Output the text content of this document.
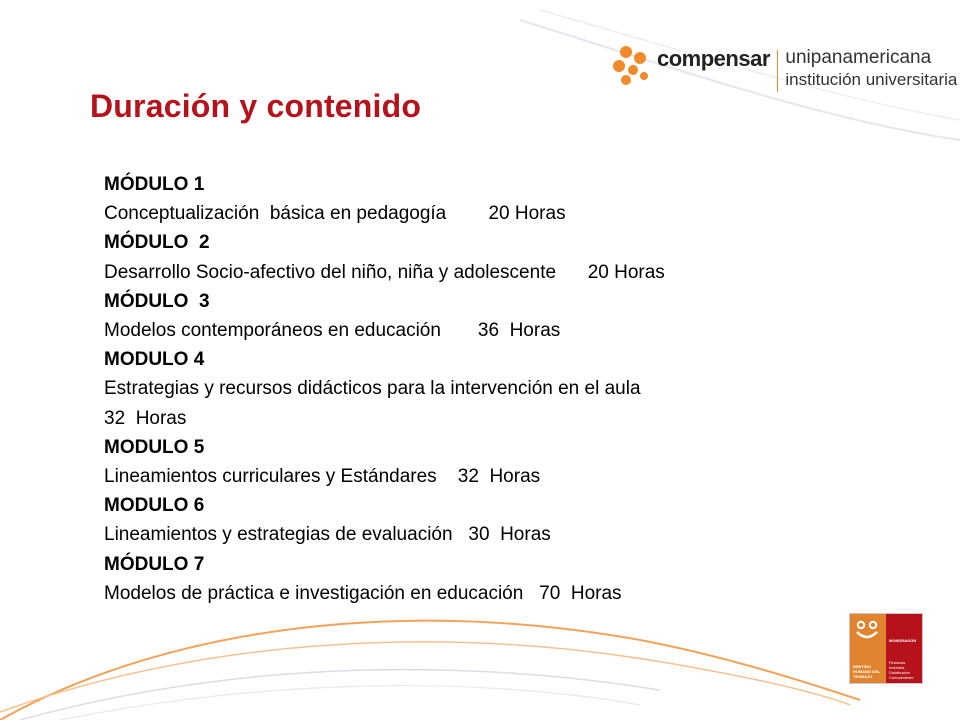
compensar unipanamericana
institución universitaria
Duración y contenido
MÓDULO 1
Conceptualización  básica en pedagogía        20 Horas
MÓDULO  2
Desarrollo Socio-afectivo del niño, niña y adolescente      20 Horas
MÓDULO  3
Modelos contemporáneos en educación       36  Horas
MODULO 4
Estrategias y recursos didácticos para la intervención en el aula
32  Horas
MODULO 5
Lineamientos curriculares y Estándares    32  Horas
MODULO 6
Lineamientos y estrategias de evaluación   30  Horas
MÓDULO 7
Modelos de práctica e investigación en educación   70  Horas
SENTIDO HUMANO DEL TRABAJO
MONDRAGON
Finanzas Industria Distribución Conocimiento
